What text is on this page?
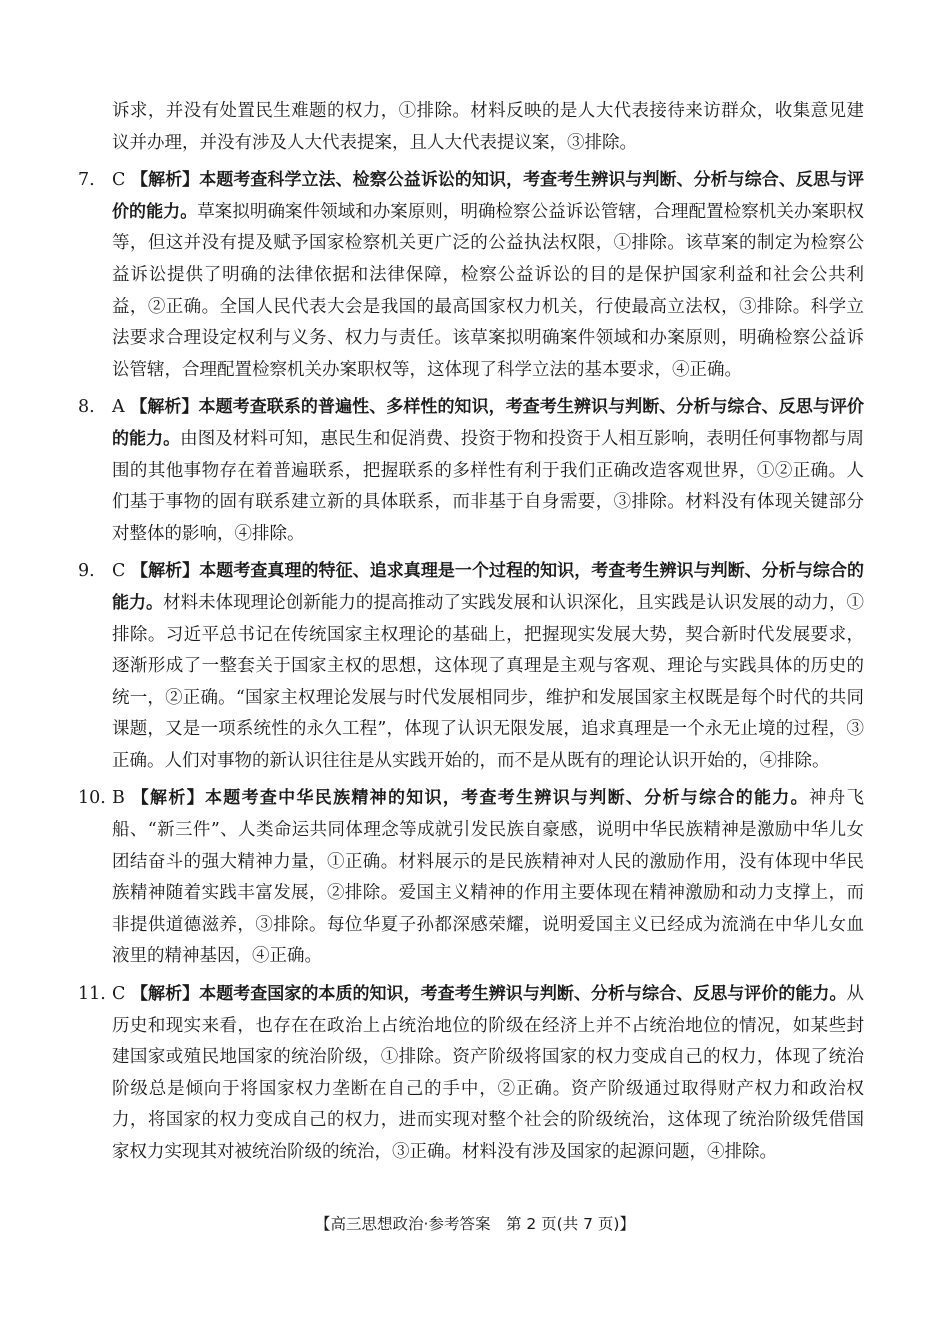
诉求，并没有处置民生难题的权力，①排除。材料反映的是人大代表接待来访群众，收集意见建议并办理，并没有涉及人大代表提案，且人大代表提议案，③排除。

7. C 【解析】本题考查科学立法、检察公益诉讼的知识，考查考生辨识与判断、分析与综合、反思与评价的能力。草案拟明确案件领域和办案原则，明确检察公益诉讼管辖，合理配置检察机关办案职权等，但这并没有提及赋予国家检察机关更广泛的公益执法权限，①排除。该草案的制定为检察公益诉讼提供了明确的法律依据和法律保障，检察公益诉讼的目的是保护国家利益和社会公共利益，②正确。全国人民代表大会是我国的最高国家权力机关，行使最高立法权，③排除。科学立法要求合理设定权利与义务、权力与责任。该草案拟明确案件领域和办案原则，明确检察公益诉讼管辖，合理配置检察机关办案职权等，这体现了科学立法的基本要求，④正确。

8. A 【解析】本题考查联系的普遍性、多样性的知识，考查考生辨识与判断、分析与综合、反思与评价的能力。由图及材料可知，惠民生和促消费、投资于物和投资于人相互影响，表明任何事物都与周围的其他事物存在着普遍联系，把握联系的多样性有利于我们正确改造客观世界，①②正确。人们基于事物的固有联系建立新的具体联系，而非基于自身需要，③排除。材料没有体现关键部分对整体的影响，④排除。

9. C 【解析】本题考查真理的特征、追求真理是一个过程的知识，考查考生辨识与判断、分析与综合的能力。材料未体现理论创新能力的提高推动了实践发展和认识深化，且实践是认识发展的动力，①排除。习近平总书记在传统国家主权理论的基础上，把握现实发展大势，契合新时代发展要求，逐渐形成了一整套关于国家主权的思想，这体现了真理是主观与客观、理论与实践具体的历史的统一，②正确。“国家主权理论发展与时代发展相同步，维护和发展国家主权既是每个时代的共同课题，又是一项系统性的永久工程”，体现了认识无限发展，追求真理是一个永无止境的过程，③正确。人们对事物的新认识往往是从实践开始的，而不是从既有的理论认识开始的，④排除。

10. B 【解析】本题考查中华民族精神的知识，考查考生辨识与判断、分析与综合的能力。神舟飞船、“新三件”、人类命运共同体理念等成就引发民族自豪感，说明中华民族精神是激励中华儿女团结奋斗的强大精神力量，①正确。材料展示的是民族精神对人民的激励作用，没有体现中华民族精神随着实践丰富发展，②排除。爱国主义精神的作用主要体现在精神激励和动力支撑上，而非提供道德滋养，③排除。每位华夏子孙都深感荣耀，说明爱国主义已经成为流淌在中华儿女血液里的精神基因，④正确。

11. C 【解析】本题考查国家的本质的知识，考查考生辨识与判断、分析与综合、反思与评价的能力。从历史和现实来看，也存在在政治上占统治地位的阶级在经济上并不占统治地位的情况，如某些封建国家或殖民地国家的统治阶级，①排除。资产阶级将国家的权力变成自己的权力，体现了统治阶级总是倾向于将国家权力垄断在自己的手中，②正确。资产阶级通过取得财产权力和政治权力，将国家的权力变成自己的权力，进而实现对整个社会的阶级统治，这体现了统治阶级凭借国家权力实现其对被统治阶级的统治，③正确。材料没有涉及国家的起源问题，④排除。

【高三思想政治·参考答案　第 2 页(共 7 页)】
